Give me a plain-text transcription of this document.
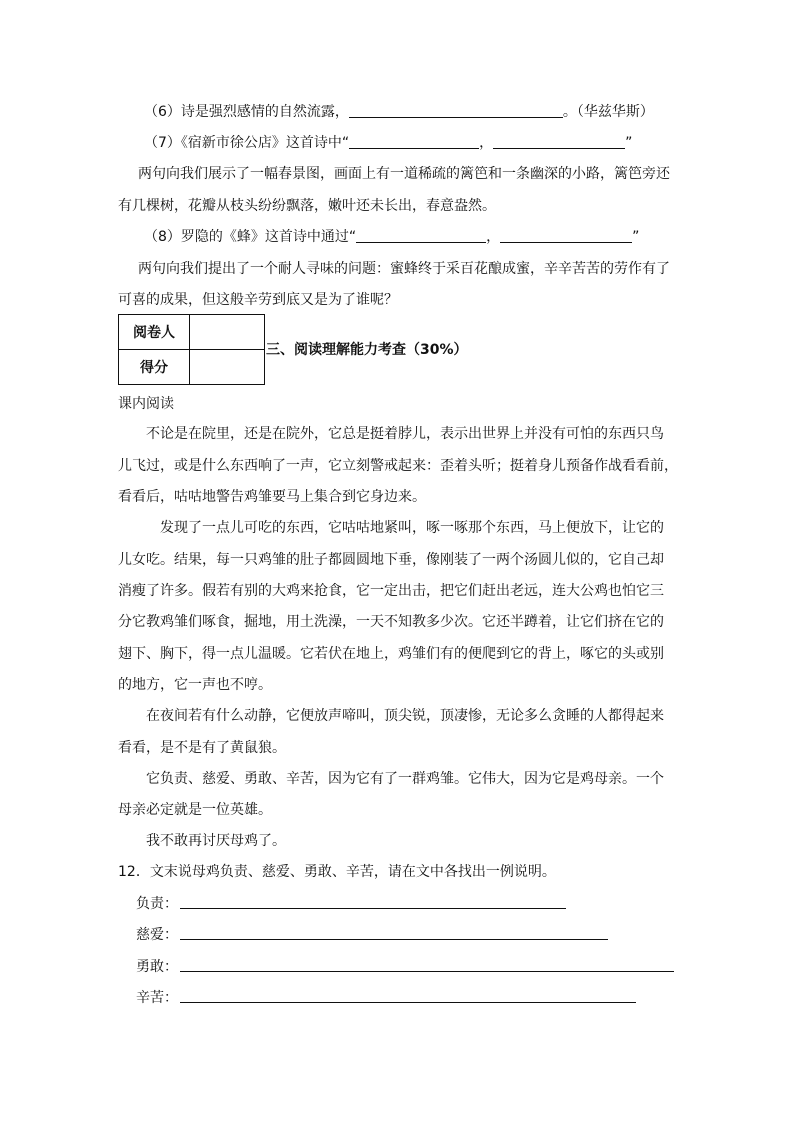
（6）诗是强烈感情的自然流露，	。（华兹华斯）
（7）《宿新市徐公店》这首诗中“	，	”
两句向我们展示了一幅春景图，画面上有一道稀疏的篱笆和一条幽深的小路，篱笆旁还
有几棵树，花瓣从枝头纷纷飘落，嫩叶还未长出，春意盎然。
（8）罗隐的《蜂》这首诗中通过“	，	”
两句向我们提出了一个耐人寻味的问题：蜜蜂终于采百花酿成蜜，辛辛苦苦的劳作有了
可喜的成果，但这般辛劳到底又是为了谁呢？
阅卷人	
得分	
三、阅读理解能力考查（30%）
课内阅读
不论是在院里，还是在院外，它总是挺着脖儿，表示出世界上并没有可怕的东西只鸟
儿飞过，或是什么东西响了一声，它立刻警戒起来：歪着头听；挺着身儿预备作战看看前，
看看后，咕咕地警告鸡雏要马上集合到它身边来。
发现了一点儿可吃的东西，它咕咕地紧叫，啄一啄那个东西，马上便放下，让它的
儿女吃。结果，每一只鸡雏的肚子都圆圆地下垂，像刚装了一两个汤圆儿似的，它自己却
消瘦了许多。假若有别的大鸡来抢食，它一定出击，把它们赶出老远，连大公鸡也怕它三
分它教鸡雏们啄食，掘地，用土洗澡，一天不知教多少次。它还半蹲着，让它们挤在它的
翅下、胸下，得一点儿温暖。它若伏在地上，鸡雏们有的便爬到它的背上，啄它的头或别
的地方，它一声也不哼。
在夜间若有什么动静，它便放声啼叫，顶尖锐，顶凄惨，无论多么贪睡的人都得起来
看看，是不是有了黄鼠狼。
它负责、慈爱、勇敢、辛苦，因为它有了一群鸡雏。它伟大，因为它是鸡母亲。一个
母亲必定就是一位英雄。
我不敢再讨厌母鸡了。
12．文末说母鸡负责、慈爱、勇敢、辛苦，请在文中各找出一例说明。
负责：
慈爱：
勇敢：
辛苦：
